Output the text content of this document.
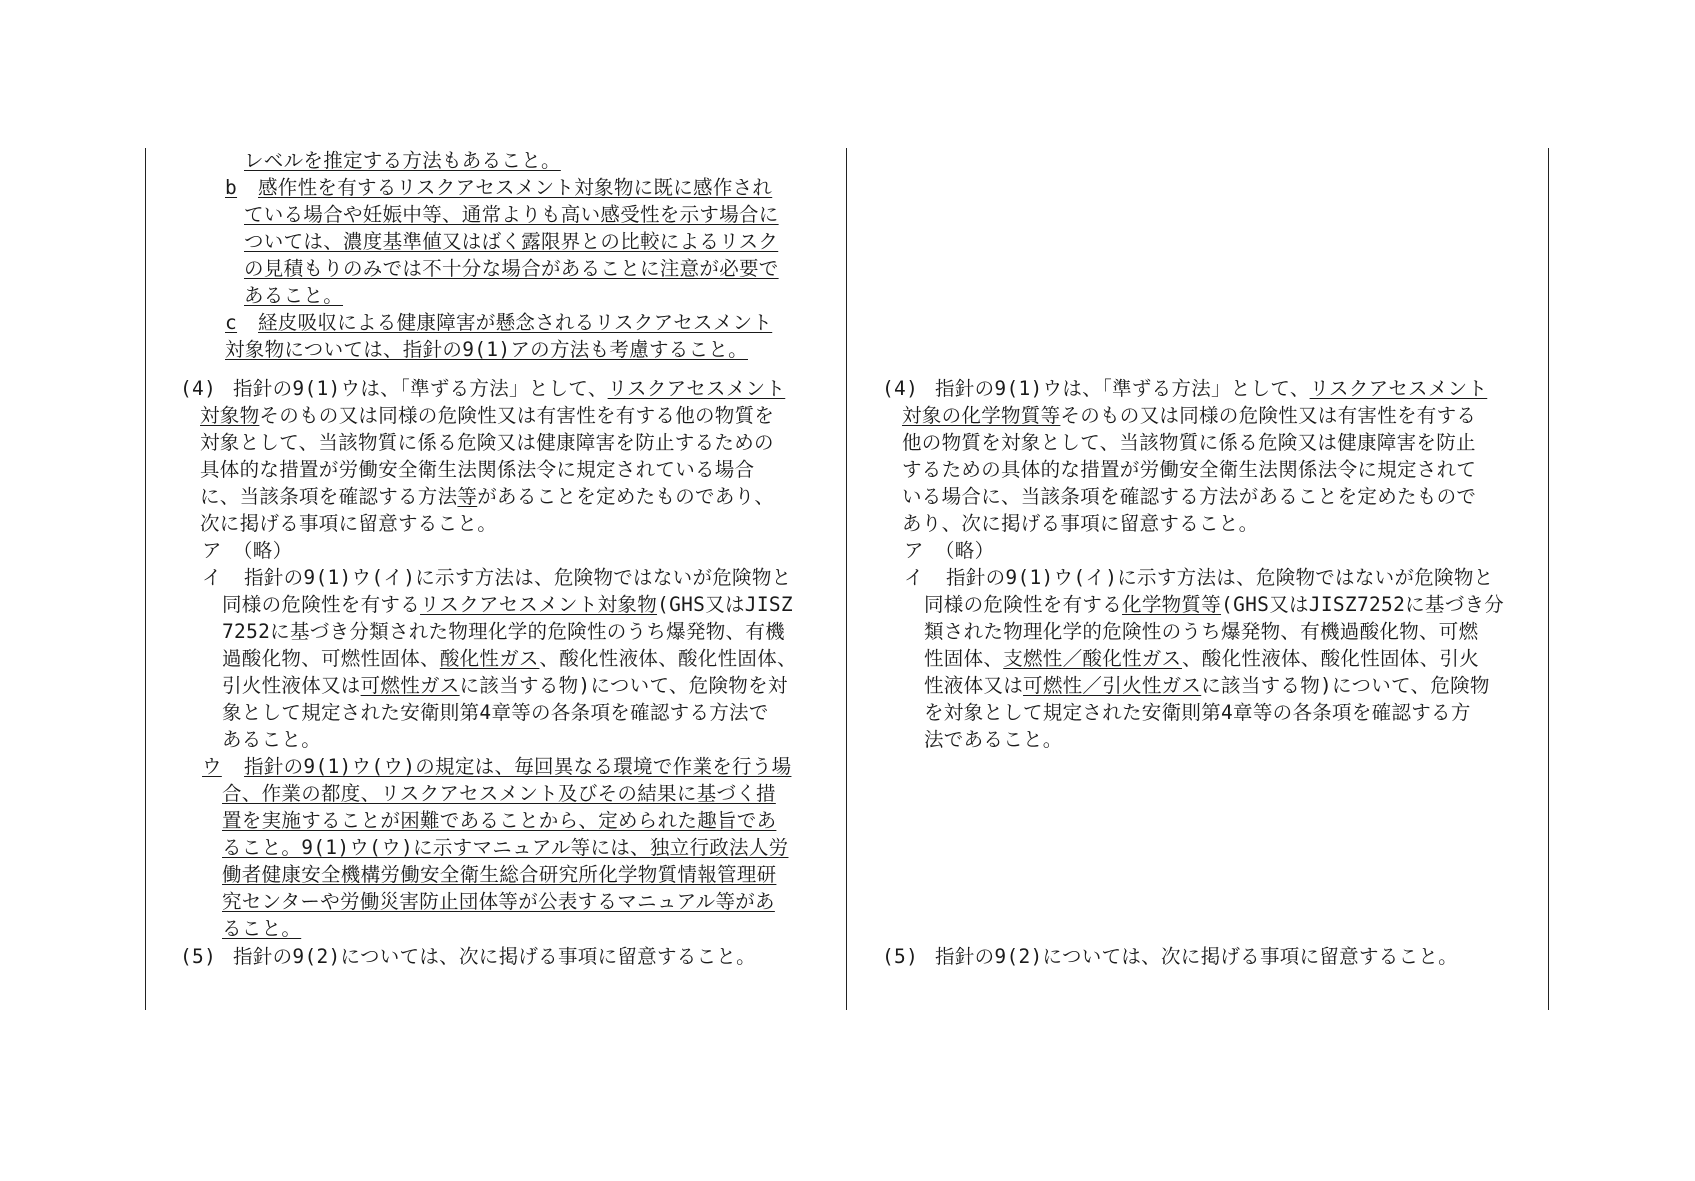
レベルを推定する方法もあること。
b 感作性を有するリスクアセスメント対象物に既に感作され
ている場合や妊娠中等、通常よりも高い感受性を示す場合に
ついては、濃度基準値又はばく露限界との比較によるリスク
の見積もりのみでは不十分な場合があることに注意が必要で
あること。
c 経皮吸収による健康障害が懸念されるリスクアセスメント
対象物については、指針の9(1)アの方法も考慮すること。
(4) 指針の9(1)ウは、「準ずる方法」として、リスクアセスメント
対象物そのもの又は同様の危険性又は有害性を有する他の物質を
対象として、当該物質に係る危険又は健康障害を防止するための
具体的な措置が労働安全衛生法関係法令に規定されている場合
に、当該条項を確認する方法等があることを定めたものであり、
次に掲げる事項に留意すること。
ア （略）
イ 指針の9(1)ウ(イ)に示す方法は、危険物ではないが危険物と
同様の危険性を有するリスクアセスメント対象物(GHS又はJISZ
7252に基づき分類された物理化学的危険性のうち爆発物、有機
過酸化物、可燃性固体、酸化性ガス、酸化性液体、酸化性固体、
引火性液体又は可燃性ガスに該当する物)について、危険物を対
象として規定された安衛則第4章等の各条項を確認する方法で
あること。
ウ 指針の9(1)ウ(ウ)の規定は、毎回異なる環境で作業を行う場
合、作業の都度、リスクアセスメント及びその結果に基づく措
置を実施することが困難であることから、定められた趣旨であ
ること。9(1)ウ(ウ)に示すマニュアル等には、独立行政法人労
働者健康安全機構労働安全衛生総合研究所化学物質情報管理研
究センターや労働災害防止団体等が公表するマニュアル等があ
ること。
(5) 指針の9(2)については、次に掲げる事項に留意すること。
(4) 指針の9(1)ウは、「準ずる方法」として、リスクアセスメント
対象の化学物質等そのもの又は同様の危険性又は有害性を有する
他の物質を対象として、当該物質に係る危険又は健康障害を防止
するための具体的な措置が労働安全衛生法関係法令に規定されて
いる場合に、当該条項を確認する方法があることを定めたもので
あり、次に掲げる事項に留意すること。
ア （略）
イ 指針の9(1)ウ(イ)に示す方法は、危険物ではないが危険物と
同様の危険性を有する化学物質等(GHS又はJISZ7252に基づき分
類された物理化学的危険性のうち爆発物、有機過酸化物、可燃
性固体、支燃性／酸化性ガス、酸化性液体、酸化性固体、引火
性液体又は可燃性／引火性ガスに該当する物)について、危険物
を対象として規定された安衛則第4章等の各条項を確認する方
法であること。
(5) 指針の9(2)については、次に掲げる事項に留意すること。
